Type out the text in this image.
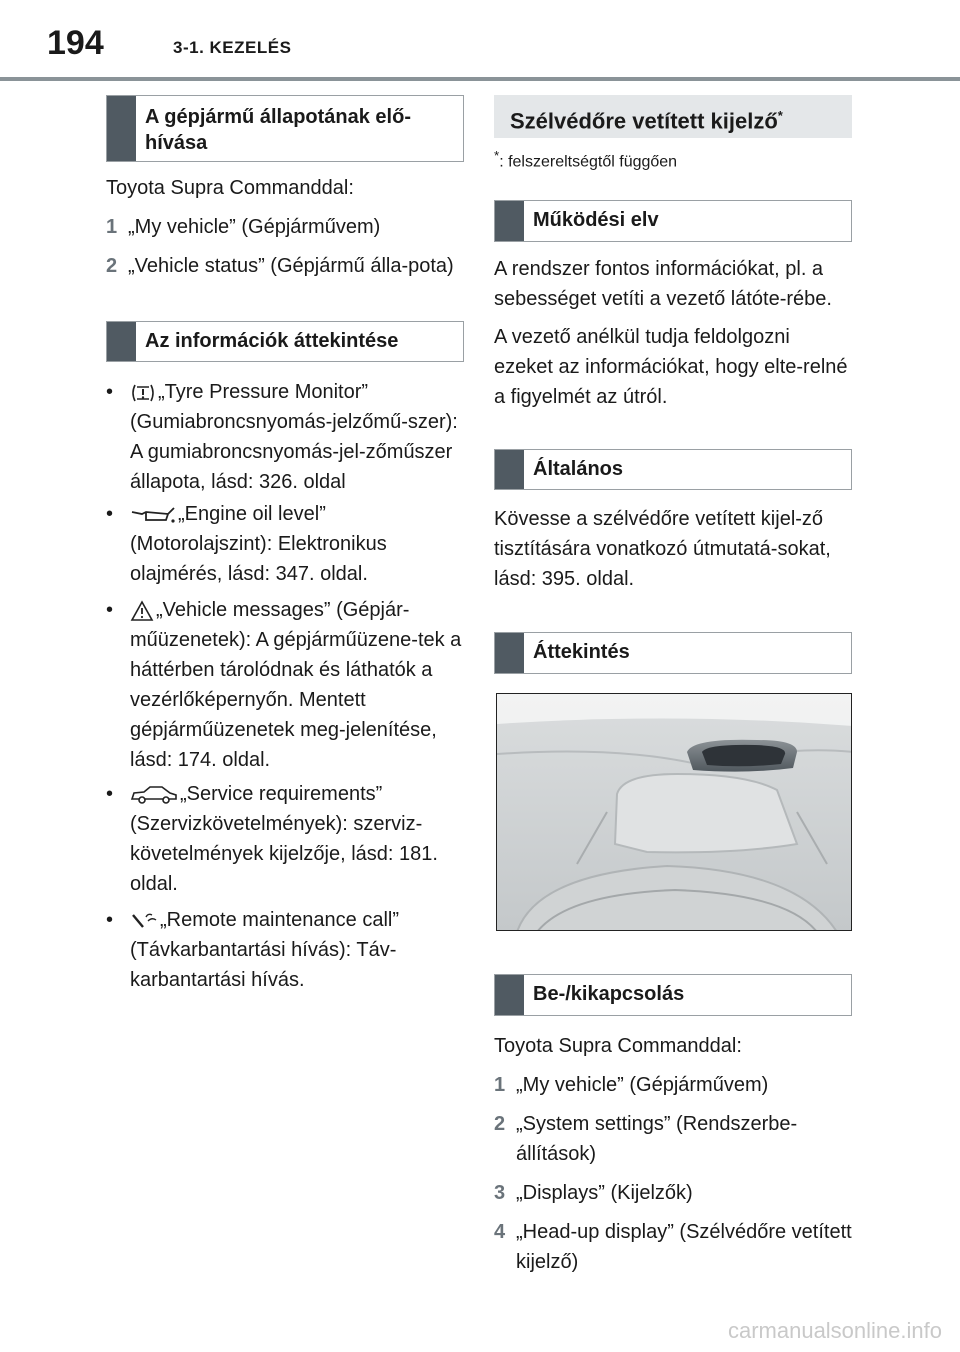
194	3-1. KEZELÉS
A gépjármű állapotának elő-hívása

Toyota Supra Commanddal:

1 „My vehicle” (Gépjárművem)
2 „Vehicle status” (Gépjármű álla-pota)
Az információk áttekintése
•	„Tyre Pressure Monitor” (Gumiabroncsnyomás-jelzőmű-szer): A gumiabroncsnyomás-jel-zőműszer állapota, lásd: 326. oldal
•	„Engine oil level” (Motorolajszint): Elektronikus olajmérés, lásd: 347. oldal.
•	„Vehicle messages” (Gépjár-műüzenetek): A gépjárműüzene-tek a háttérben tárolódnak és láthatók a vezérlőképernyőn. Mentett gépjárműüzenetek meg-jelenítése, lásd: 174. oldal.
•	„Service requirements” (Szervizkövetelmények): szerviz-követelmények kijelzője, lásd: 181. oldal.
•	„Remote maintenance call” (Távkarbantartási hívás): Táv-karbantartási hívás.
Szélvédőre vetített kijelző*
*: felszereltségtől függően
Működési elv

A rendszer fontos információkat, pl. a sebességet vetíti a vezető látóte-rébe.

A vezető anélkül tudja feldolgozni ezeket az információkat, hogy elte-relné a figyelmét az útról.

Általános

Kövesse a szélvédőre vetített kijel-ző tisztítására vonatkozó útmutatá-sokat, lásd: 395. oldal.

Áttekintés
Be-/kikapcsolás

Toyota Supra Commanddal:

1 „My vehicle” (Gépjárművem)
2 „System settings” (Rendszerbe-állítások)
3 „Displays” (Kijelzők)
4 „Head-up display” (Szélvédőre vetített kijelző)
carmanualsonline.info
